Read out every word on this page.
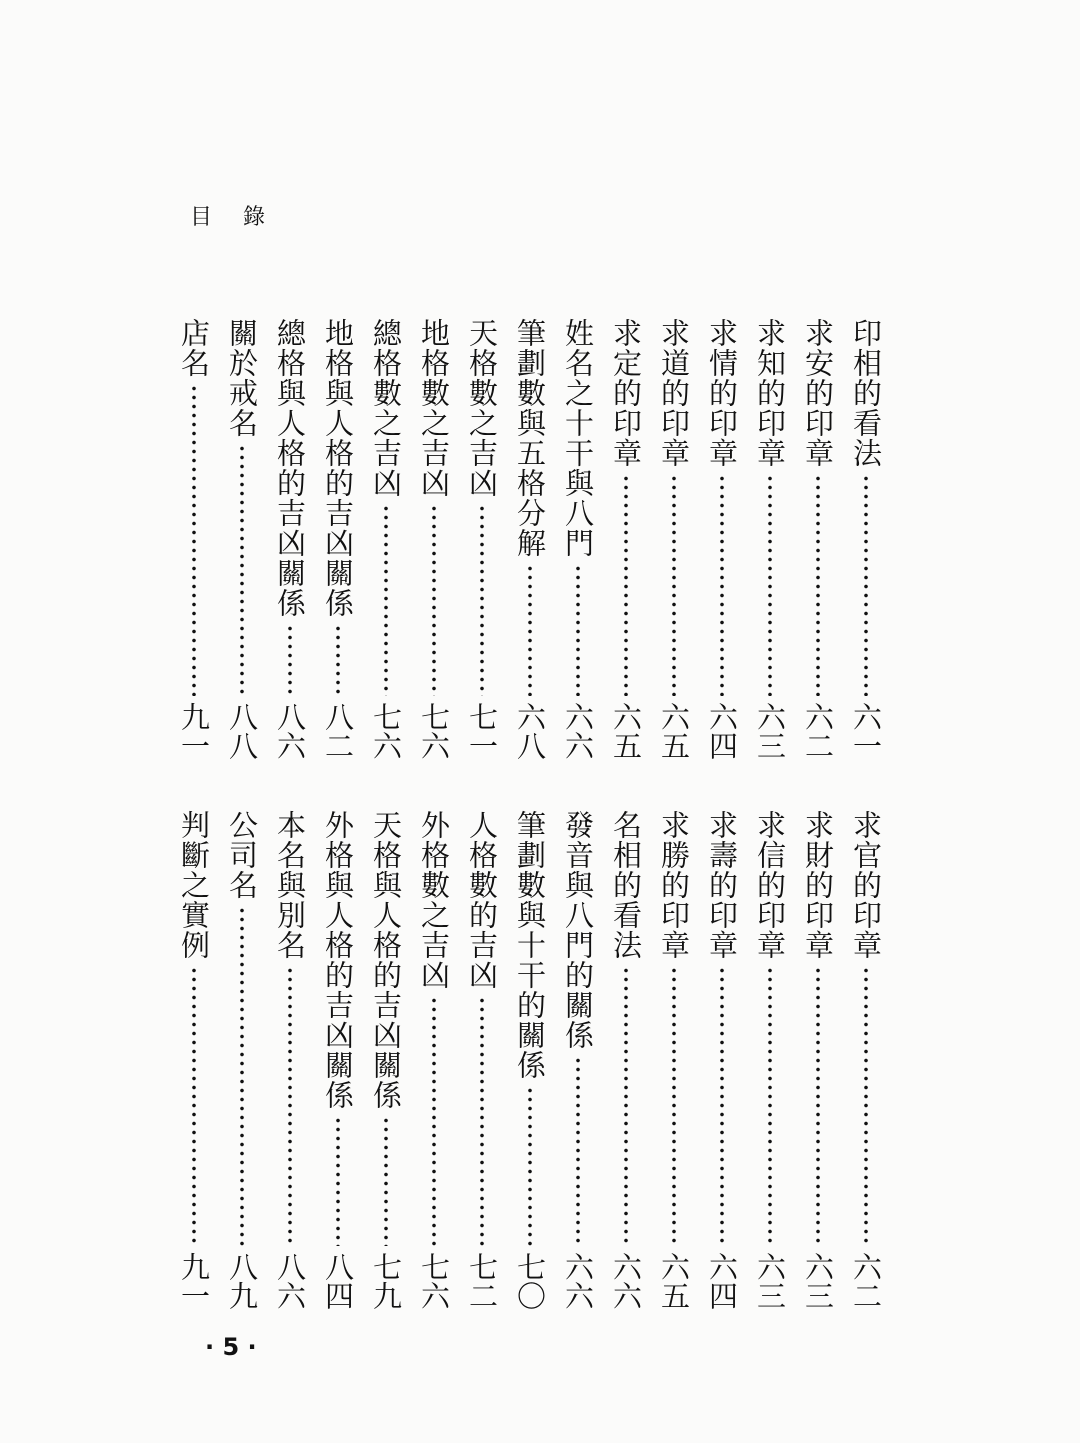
目 錄
印相的看法
六一
求安的印章
六二
求知的印章
六三
求情的印章
六四
求道的印章
六五
求定的印章
六五
姓名之十干與八門
六六
筆劃數與五格分解
六八
天格數之吉凶
七一
地格數之吉凶
七六
總格數之吉凶
七六
地格與人格的吉凶關係
八二
總格與人格的吉凶關係
八六
關於戒名
八八
店名
九一
求官的印章
六二
求財的印章
六三
求信的印章
六三
求壽的印章
六四
求勝的印章
六五
名相的看法
六六
發音與八門的關係
六六
筆劃數與十干的關係
七〇
人格數的吉凶
七二
外格數之吉凶
七六
天格與人格的吉凶關係
七九
外格與人格的吉凶關係
八四
本名與別名
八六
公司名
八九
判斷之實例
九一
· 5 ·
